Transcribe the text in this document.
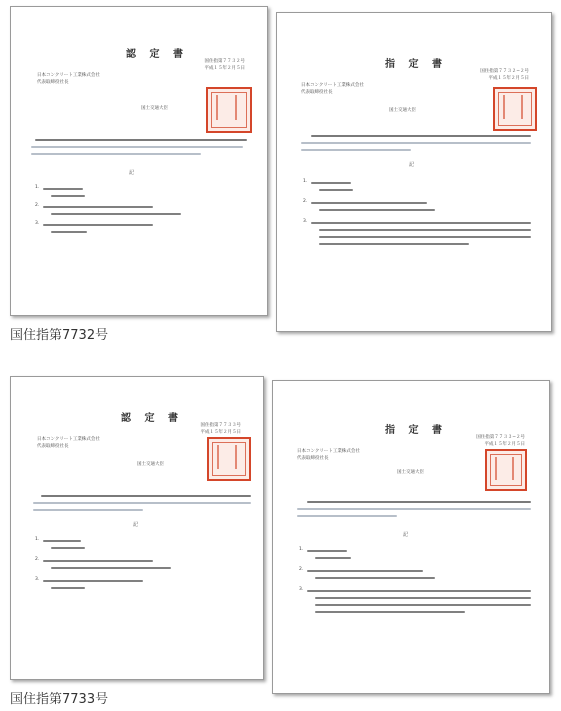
認 定 書
国住指第７７３２号
平成１５年２月５日
日本コンクリート工業株式会社
代表取締役社長
国土交通大臣
記
1.
2.
3.
指 定 書
国住指第７７３２−２号
平成１５年２月５日
日本コンクリート工業株式会社
代表取締役社長
国土交通大臣
記
1.
2.
3.
国住指第7732号
認 定 書
国住指第７７３３号
平成１５年２月５日
日本コンクリート工業株式会社
代表取締役社長
国土交通大臣
記
1.
2.
3.
指 定 書
国住指第７７３３−２号
平成１５年２月５日
日本コンクリート工業株式会社
代表取締役社長
国土交通大臣
記
1.
2.
3.
国住指第7733号
